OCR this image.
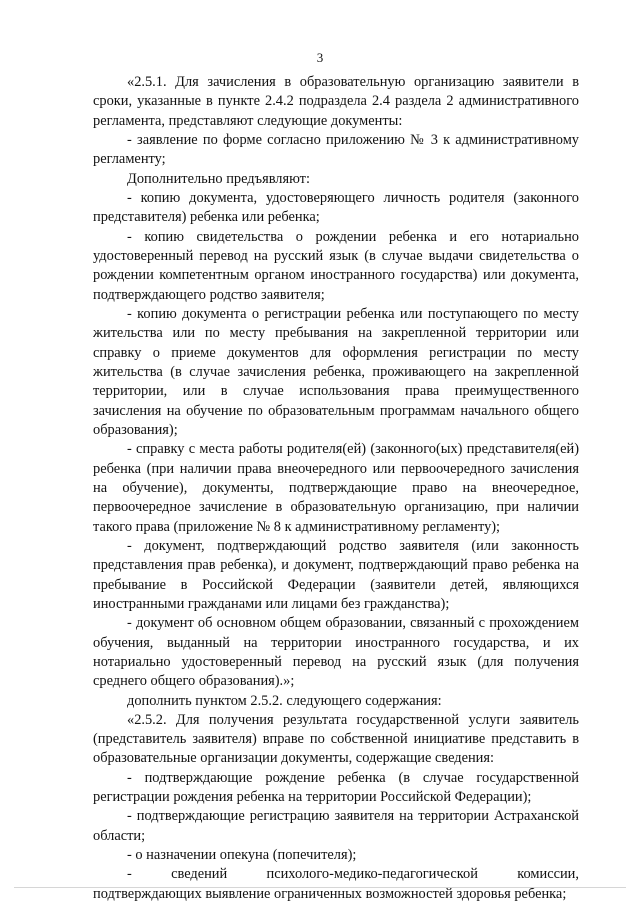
3

«2.5.1. Для зачисления в образовательную организацию заявители в сроки, указанные в пункте 2.4.2 подраздела 2.4 раздела 2 административного регламента, представляют следующие документы:

- заявление по форме согласно приложению № 3 к административному регламенту;

Дополнительно предъявляют:

- копию документа, удостоверяющего личность родителя (законного представителя) ребенка или ребенка;

- копию свидетельства о рождении ребенка и его нотариально удостоверенный перевод на русский язык (в случае выдачи свидетельства о рождении компетентным органом иностранного государства) или документа, подтверждающего родство заявителя;

- копию документа о регистрации ребенка или поступающего по месту жительства или по месту пребывания на закрепленной территории или справку о приеме документов для оформления регистрации по месту жительства (в случае зачисления ребенка, проживающего на закрепленной территории, или в случае использования права преимущественного зачисления на обучение по образовательным программам начального общего образования);

- справку с места работы родителя(ей) (законного(ых) представителя(ей) ребенка (при наличии права внеочередного или первоочередного зачисления на обучение), документы, подтверждающие право на внеочередное, первоочередное зачисление в образовательную организацию, при наличии такого права (приложение № 8 к административному регламенту);

- документ, подтверждающий родство заявителя (или законность представления прав ребенка), и документ, подтверждающий право ребенка на пребывание в Российской Федерации (заявители детей, являющихся иностранными гражданами или лицами без гражданства);

- документ об основном общем образовании, связанный с прохождением обучения, выданный на территории иностранного государства, и их нотариально удостоверенный перевод на русский язык (для получения среднего общего образования).»;

дополнить пунктом 2.5.2. следующего содержания:

«2.5.2. Для получения результата государственной услуги заявитель (представитель заявителя) вправе по собственной инициативе представить в образовательные организации документы, содержащие сведения:

- подтверждающие рождение ребенка (в случае государственной регистрации рождения ребенка на территории Российской Федерации);

- подтверждающие регистрацию заявителя на территории Астраханской области;

- о назначении опекуна (попечителя);

- сведений психолого-медико-педагогической комиссии, подтверждающих выявление ограниченных возможностей здоровья ребенка;
